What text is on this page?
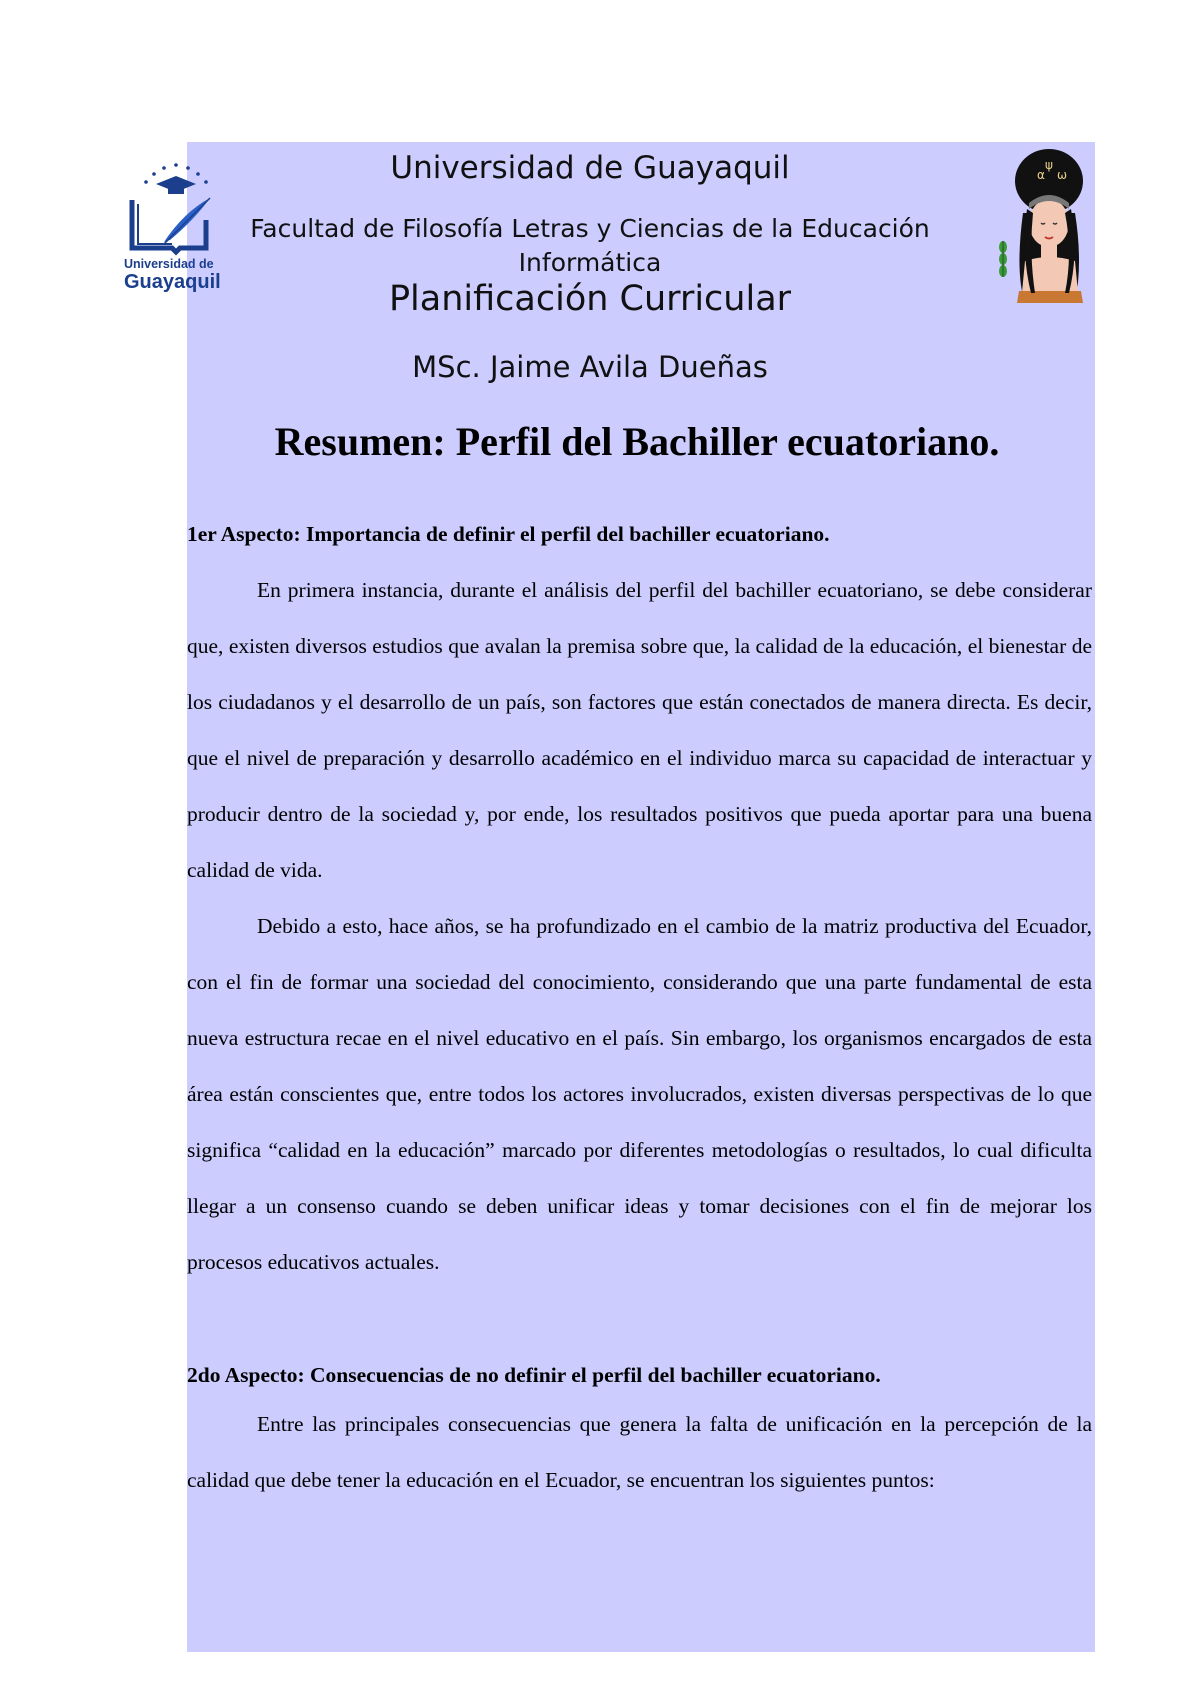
Universidad de
Guayaquil
α
ψ
ω
Universidad de Guayaquil
Facultad de Filosofía Letras y Ciencias de la Educación
Informática
Planificación Curricular
MSc. Jaime Avila Dueñas
Resumen: Perfil del Bachiller ecuatoriano.

1er Aspecto: Importancia de definir el perfil del bachiller ecuatoriano.

En primera instancia, durante el análisis del perfil del bachiller ecuatoriano, se debe considerar que, existen diversos estudios que avalan la premisa sobre que, la calidad de la educación, el bienestar de los ciudadanos y el desarrollo de un país, son factores que están conectados de manera directa. Es decir, que el nivel de preparación y desarrollo académico en el individuo marca su capacidad de interactuar y producir dentro de la sociedad y, por ende, los resultados positivos que pueda aportar para una buena calidad de vida.

Debido a esto, hace años, se ha profundizado en el cambio de la matriz productiva del Ecuador, con el fin de formar una sociedad del conocimiento, considerando que una parte fundamental de esta nueva estructura recae en el nivel educativo en el país. Sin embargo, los organismos encargados de esta área están conscientes que, entre todos los actores involucrados, existen diversas perspectivas de lo que significa “calidad en la educación” marcado por diferentes metodologías o resultados, lo cual dificulta llegar a un consenso cuando se deben unificar ideas y tomar decisiones con el fin de mejorar los procesos educativos actuales.

2do Aspecto: Consecuencias de no definir el perfil del bachiller ecuatoriano.

Entre las principales consecuencias que genera la falta de unificación en la percepción de la calidad que debe tener la educación en el Ecuador, se encuentran los siguientes puntos:
